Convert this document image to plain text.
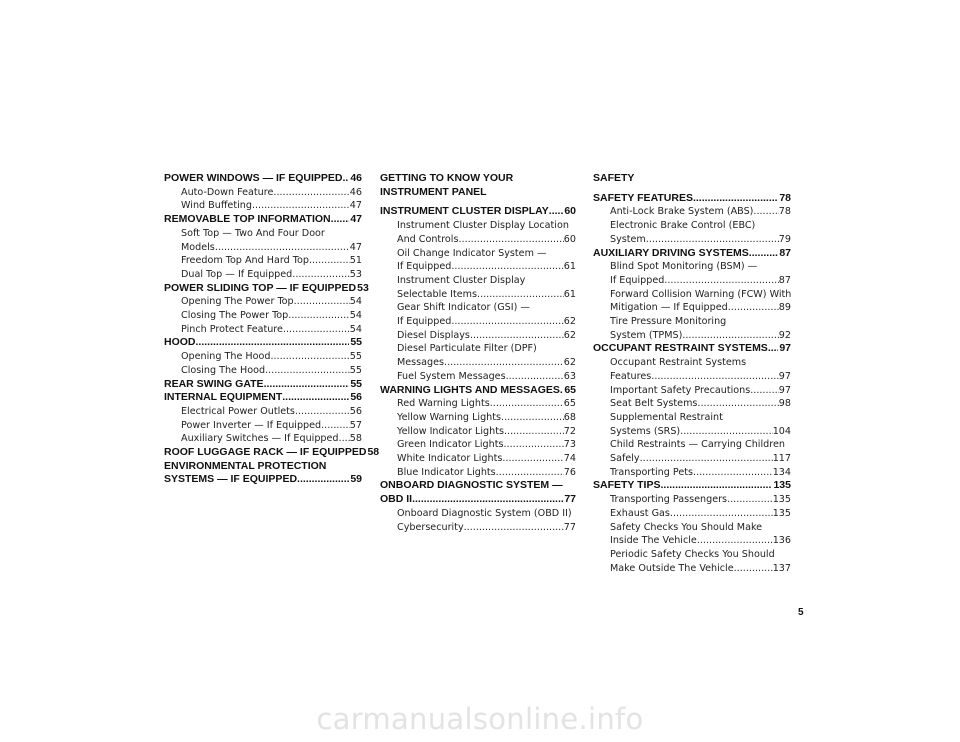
POWER WINDOWS — IF EQUIPPED ..... 46
Auto-Down Feature .....	46
Wind Buffeting .....	47
REMOVABLE TOP INFORMATION ..... 47
Soft Top — Two And Four Door
Models .....	47
Freedom Top And Hard Top .....	51
Dual Top — If Equipped .....	53
POWER SLIDING TOP — IF EQUIPPED 53
Opening The Power Top .....	54
Closing The Power Top .....	54
Pinch Protect Feature .....	54
HOOD .....	55
Opening The Hood .....	55
Closing The Hood .....	55
REAR SWING GATE .....	55
INTERNAL EQUIPMENT .....	56
Electrical Power Outlets .....	56
Power Inverter — If Equipped .....	57
Auxiliary Switches — If Equipped ..... 58
ROOF LUGGAGE RACK — IF EQUIPPED 58
ENVIRONMENTAL PROTECTION
SYSTEMS — IF EQUIPPED .....	59
GETTING TO KNOW YOUR INSTRUMENT PANEL
INSTRUMENT CLUSTER DISPLAY ..... 60
Instrument Cluster Display Location
And Controls .....	60
Oil Change Indicator System —
If Equipped .....	61
Instrument Cluster Display
Selectable Items .....	61
Gear Shift Indicator (GSI) —
If Equipped .....	62
Diesel Displays .....	62
Diesel Particulate Filter (DPF)
Messages .....	62
Fuel System Messages .....	63
WARNING LIGHTS AND MESSAGES ..... 65
Red Warning Lights .....	65
Yellow Warning Lights .....	68
Yellow Indicator Lights .....	72
Green Indicator Lights .....	73
White Indicator Lights .....	74
Blue Indicator Lights .....	76
ONBOARD DIAGNOSTIC SYSTEM —
OBD II .....	77
Onboard Diagnostic System (OBD II)
Cybersecurity .....	77
SAFETY
SAFETY FEATURES .....	78
Anti-Lock Brake System (ABS) .....	78
Electronic Brake Control (EBC)
System .....	79
AUXILIARY DRIVING SYSTEMS .....	87
Blind Spot Monitoring (BSM) —
If Equipped .....	87
Forward Collision Warning (FCW) With
Mitigation — If Equipped .....	89
Tire Pressure Monitoring
System (TPMS) .....	92
OCCUPANT RESTRAINT SYSTEMS ..... 97
Occupant Restraint Systems
Features .....	97
Important Safety Precautions .....	97
Seat Belt Systems .....	98
Supplemental Restraint
Systems (SRS) .....	104
Child Restraints — Carrying Children
Safely .....	117
Transporting Pets .....	134
SAFETY TIPS .....	135
Transporting Passengers .....	135
Exhaust Gas .....	135
Safety Checks You Should Make
Inside The Vehicle .....	136
Periodic Safety Checks You Should
Make Outside The Vehicle .....	137
5
carmanualsonline.info
